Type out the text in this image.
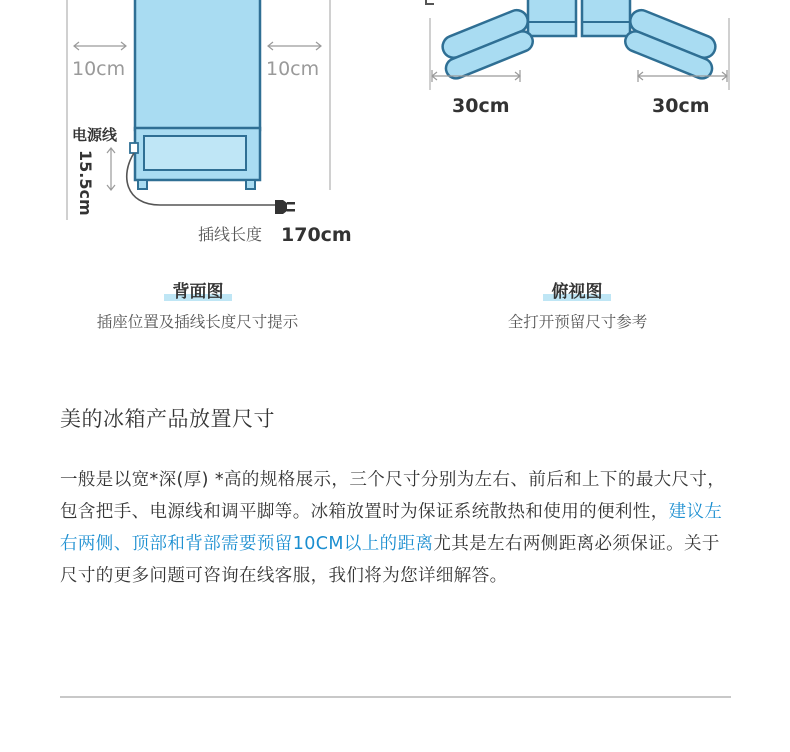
10cm	10cm
电源线
15.5cm
插线长度 170cm
30cm	30cm
背面图
插座位置及插线长度尺寸提示
俯视图
全打开预留尺寸参考
美的冰箱产品放置尺寸
一般是以宽*深(厚) *高的规格展示，三个尺寸分别为左右、前后和上下的最大尺寸，包含把手、电源线和调平脚等。冰箱放置时为保证系统散热和使用的便利性，建议左右两侧、顶部和背部需要预留10CM以上的距离尤其是左右两侧距离必须保证。关于尺寸的更多问题可咨询在线客服，我们将为您详细解答。
